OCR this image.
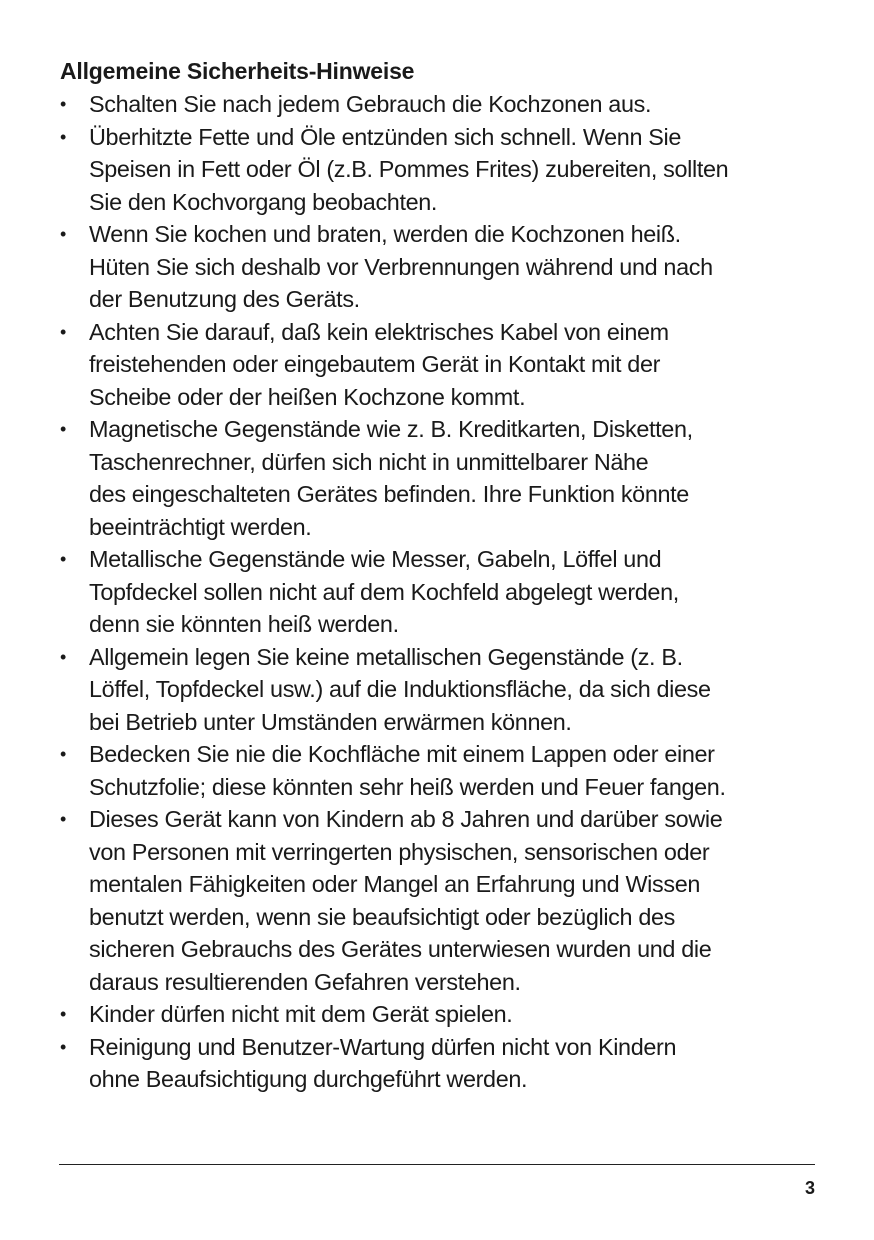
Allgemeine Sicherheits-Hinweise
• Schalten Sie nach jedem Gebrauch die Kochzonen aus.
• Überhitzte Fette und Öle entzünden sich schnell. Wenn Sie
Speisen in Fett oder Öl (z.B. Pommes Frites) zubereiten, sollten
Sie den Kochvorgang beobachten.
• Wenn Sie kochen und braten, werden die Kochzonen heiß.
Hüten Sie sich deshalb vor Verbrennungen während und nach
der Benutzung des Geräts.
• Achten Sie darauf, daß kein elektrisches Kabel von einem
freistehenden oder eingebautem Gerät in Kontakt mit der
Scheibe oder der heißen Kochzone kommt.
• Magnetische Gegenstände wie z. B. Kreditkarten, Disketten,
Taschenrechner, dürfen sich nicht in unmittelbarer Nähe
des eingeschalteten Gerätes befinden. Ihre Funktion könnte
beeinträchtigt werden.
• Metallische Gegenstände wie Messer, Gabeln, Löffel und
Topfdeckel sollen nicht auf dem Kochfeld abgelegt werden,
denn sie könnten heiß werden.
• Allgemein legen Sie keine metallischen Gegenstände (z. B.
Löffel, Topfdeckel usw.) auf die Induktionsfläche, da sich diese
bei Betrieb unter Umständen erwärmen können.
• Bedecken Sie nie die Kochfläche mit einem Lappen oder einer
Schutzfolie; diese könnten sehr heiß werden und Feuer fangen.
• Dieses Gerät kann von Kindern ab 8 Jahren und darüber sowie
von Personen mit verringerten physischen, sensorischen oder
mentalen Fähigkeiten oder Mangel an Erfahrung und Wissen
benutzt werden, wenn sie beaufsichtigt oder bezüglich des
sicheren Gebrauchs des Gerätes unterwiesen wurden und die
daraus resultierenden Gefahren verstehen.
• Kinder dürfen nicht mit dem Gerät spielen.
• Reinigung und Benutzer-Wartung dürfen nicht von Kindern
ohne Beaufsichtigung durchgeführt werden.
3
